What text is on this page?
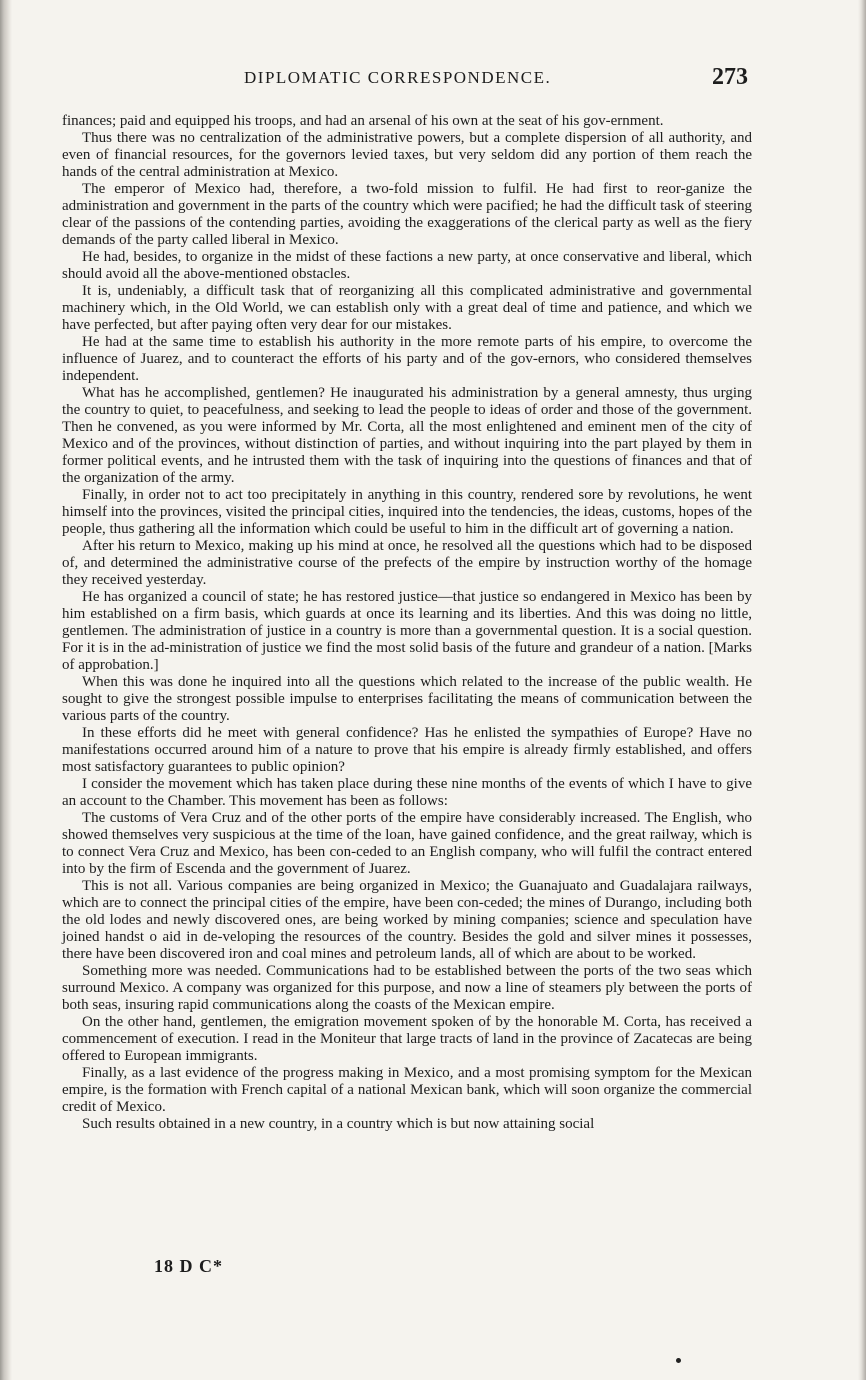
DIPLOMATIC CORRESPONDENCE.	273

finances; paid and equipped his troops, and had an arsenal of his own at the seat of his gov-ernment.

Thus there was no centralization of the administrative powers, but a complete dispersion of all authority, and even of financial resources, for the governors levied taxes, but very seldom did any portion of them reach the hands of the central administration at Mexico.

The emperor of Mexico had, therefore, a two-fold mission to fulfil. He had first to reor-ganize the administration and government in the parts of the country which were pacified; he had the difficult task of steering clear of the passions of the contending parties, avoiding the exaggerations of the clerical party as well as the fiery demands of the party called liberal in Mexico.

He had, besides, to organize in the midst of these factions a new party, at once conservative and liberal, which should avoid all the above-mentioned obstacles.

It is, undeniably, a difficult task that of reorganizing all this complicated administrative and governmental machinery which, in the Old World, we can establish only with a great deal of time and patience, and which we have perfected, but after paying often very dear for our mistakes.

He had at the same time to establish his authority in the more remote parts of his empire, to overcome the influence of Juarez, and to counteract the efforts of his party and of the gov-ernors, who considered themselves independent.

What has he accomplished, gentlemen? He inaugurated his administration by a general amnesty, thus urging the country to quiet, to peacefulness, and seeking to lead the people to ideas of order and those of the government. Then he convened, as you were informed by Mr. Corta, all the most enlightened and eminent men of the city of Mexico and of the provinces, without distinction of parties, and without inquiring into the part played by them in former political events, and he intrusted them with the task of inquiring into the questions of finances and that of the organization of the army.

Finally, in order not to act too precipitately in anything in this country, rendered sore by revolutions, he went himself into the provinces, visited the principal cities, inquired into the tendencies, the ideas, customs, hopes of the people, thus gathering all the information which could be useful to him in the difficult art of governing a nation.

After his return to Mexico, making up his mind at once, he resolved all the questions which had to be disposed of, and determined the administrative course of the prefects of the empire by instruction worthy of the homage they received yesterday.

He has organized a council of state; he has restored justice—that justice so endangered in Mexico has been by him established on a firm basis, which guards at once its learning and its liberties. And this was doing no little, gentlemen. The administration of justice in a country is more than a governmental question. It is a social question. For it is in the ad-ministration of justice we find the most solid basis of the future and grandeur of a nation. [Marks of approbation.]

When this was done he inquired into all the questions which related to the increase of the public wealth. He sought to give the strongest possible impulse to enterprises facilitating the means of communication between the various parts of the country.

In these efforts did he meet with general confidence? Has he enlisted the sympathies of Europe? Have no manifestations occurred around him of a nature to prove that his empire is already firmly established, and offers most satisfactory guarantees to public opinion?

I consider the movement which has taken place during these nine months of the events of which I have to give an account to the Chamber. This movement has been as follows:

The customs of Vera Cruz and of the other ports of the empire have considerably increased. The English, who showed themselves very suspicious at the time of the loan, have gained confidence, and the great railway, which is to connect Vera Cruz and Mexico, has been con-ceded to an English company, who will fulfil the contract entered into by the firm of Escenda and the government of Juarez.

This is not all. Various companies are being organized in Mexico; the Guanajuato and Guadalajara railways, which are to connect the principal cities of the empire, have been con-ceded; the mines of Durango, including both the old lodes and newly discovered ones, are being worked by mining companies; science and speculation have joined handst o aid in de-veloping the resources of the country. Besides the gold and silver mines it possesses, there have been discovered iron and coal mines and petroleum lands, all of which are about to be worked.

Something more was needed. Communications had to be established between the ports of the two seas which surround Mexico. A company was organized for this purpose, and now a line of steamers ply between the ports of both seas, insuring rapid communications along the coasts of the Mexican empire.

On the other hand, gentlemen, the emigration movement spoken of by the honorable M. Corta, has received a commencement of execution. I read in the Moniteur that large tracts of land in the province of Zacatecas are being offered to European immigrants.

Finally, as a last evidence of the progress making in Mexico, and a most promising symptom for the Mexican empire, is the formation with French capital of a national Mexican bank, which will soon organize the commercial credit of Mexico.

Such results obtained in a new country, in a country which is but now attaining social

18 D C*
